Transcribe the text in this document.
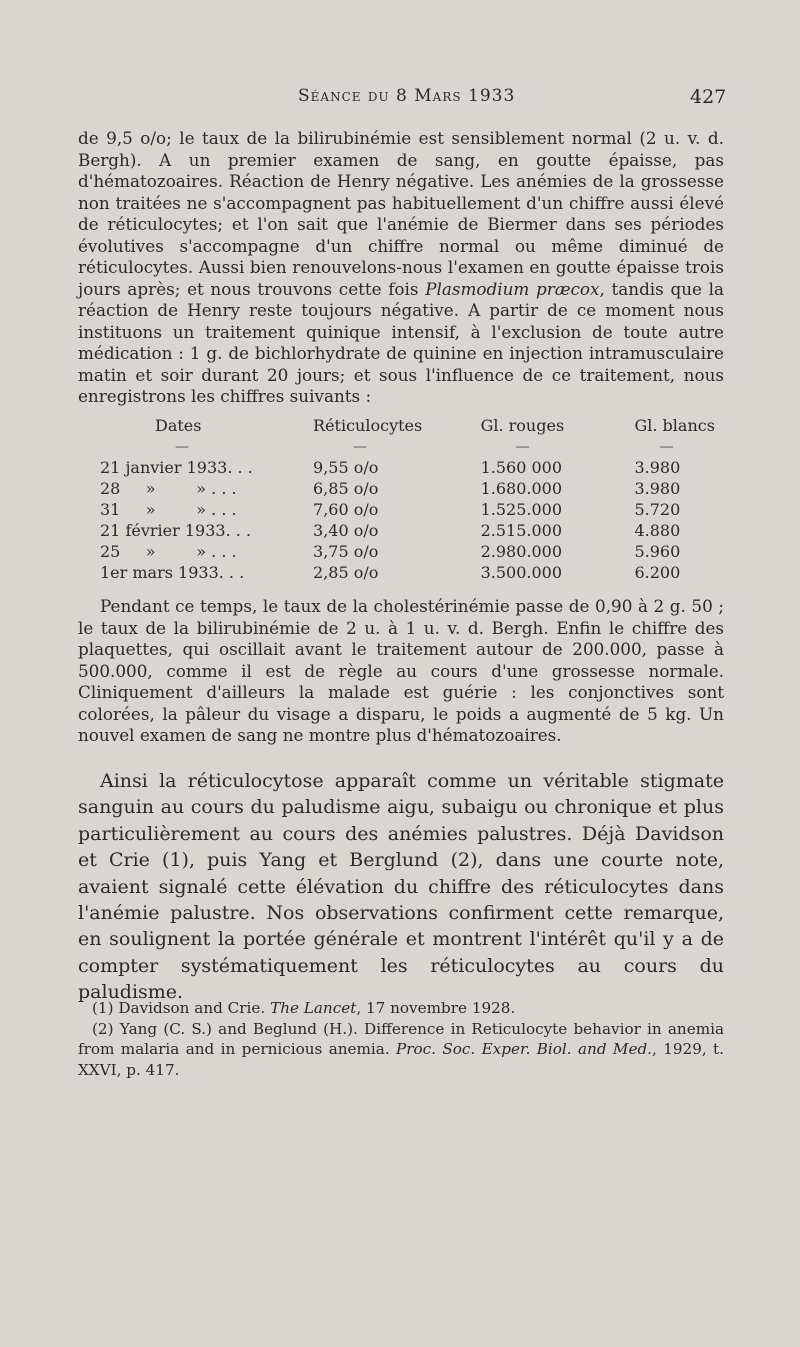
Séance du 8 Mars 1933	427

de 9,5 o/o; le taux de la bilirubinémie est sensiblement normal (2 u. v. d. Bergh). A un premier examen de sang, en goutte épaisse, pas d'hématozoaires. Réaction de Henry négative. Les anémies de la grossesse non traitées ne s'accompagnent pas habituellement d'un chiffre aussi élevé de réticulocytes; et l'on sait que l'anémie de Biermer dans ses périodes évolutives s'accompagne d'un chiffre normal ou même diminué de réticulocytes. Aussi bien renouvelons-nous l'examen en goutte épaisse trois jours après; et nous trouvons cette fois Plasmodium præcox, tandis que la réaction de Henry reste toujours négative. A partir de ce moment nous instituons un traitement quinique intensif, à l'exclusion de toute autre médication : 1 g. de bichlorhydrate de quinine en injection intramusculaire matin et soir durant 20 jours; et sous l'influence de ce traitement, nous enregistrons les chiffres suivants :

Dates	Réticulocytes	Gl. rouges	Gl. blancs
—	—	—	—
21 janvier 1933. . .	9,55 o/o	1.560 000	3.980
28     »        » . . .	6,85 o/o	1.680.000	3.980
31     »        » . . .	7,60 o/o	1.525.000	5.720
21 février 1933. . .	3,40 o/o	2.515.000	4.880
25     »        » . . .	3,75 o/o	2.980.000	5.960
1er mars 1933. . .	2,85 o/o	3.500.000	6.200

Pendant ce temps, le taux de la cholestérinémie passe de 0,90 à 2 g. 50 ; le taux de la bilirubinémie de 2 u. à 1 u. v. d. Bergh. Enfin le chiffre des plaquettes, qui oscillait avant le traitement autour de 200.000, passe à 500.000, comme il est de règle au cours d'une grossesse normale. Cliniquement d'ailleurs la malade est guérie : les conjonctives sont colorées, la pâleur du visage a disparu, le poids a augmenté de 5 kg. Un nouvel examen de sang ne montre plus d'hématozoaires.

Ainsi la réticulocytose apparaît comme un véritable stigmate sanguin au cours du paludisme aigu, subaigu ou chronique et plus particulièrement au cours des anémies palustres. Déjà Davidson et Crie (1), puis Yang et Berglund (2), dans une courte note, avaient signalé cette élévation du chiffre des réticulocytes dans l'anémie palustre. Nos observations confirment cette remarque, en soulignent la portée générale et montrent l'intérêt qu'il y a de compter systématiquement les réticulocytes au cours du paludisme.

(1) Davidson and Crie. The Lancet, 17 novembre 1928.

(2) Yang (C. S.) and Beglund (H.). Difference in Reticulocyte behavior in anemia from malaria and in pernicious anemia. Proc. Soc. Exper. Biol. and Med., 1929, t. XXVI, p. 417.
